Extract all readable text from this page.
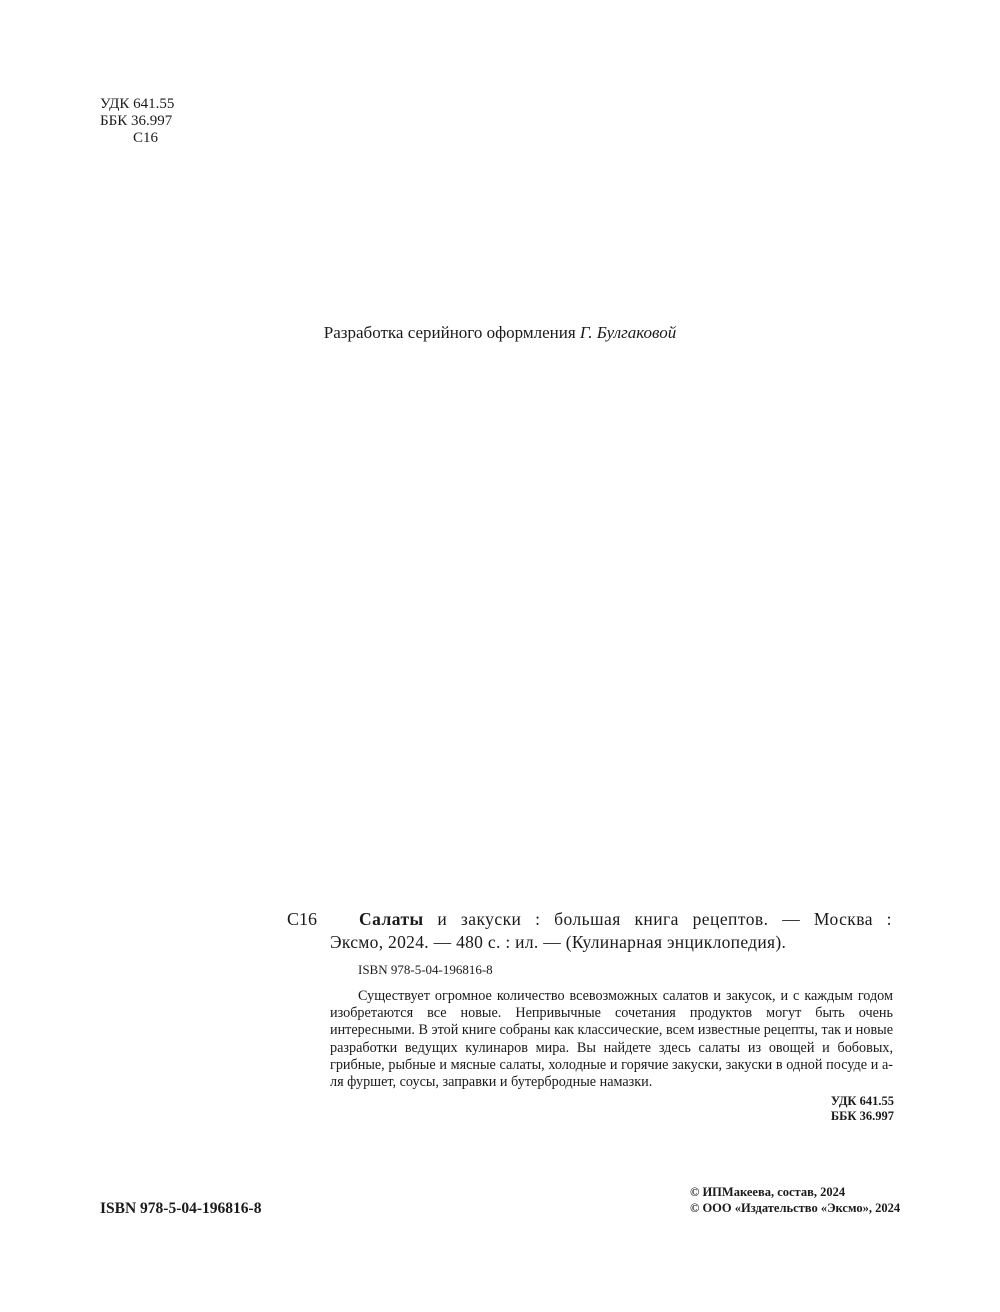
УДК 641.55
ББК 36.997
С16
Разработка серийного оформления Г. Булгаковой
С16 Салаты и закуски : большая книга рецептов. — Москва :
Эксмо, 2024. — 480 с. : ил. — (Кулинарная энциклопедия).
ISBN 978-5-04-196816-8
Существует огромное количество всевозможных салатов и закусок, и с каждым годом изобретаются все новые. Непривычные сочетания продуктов могут быть очень интересными. В этой книге собраны как классические, всем известные рецепты, так и новые разработки ведущих кулинаров мира. Вы найдете здесь салаты из овощей и бобовых, грибные, рыбные и мясные салаты, холодные и горячие закуски, закуски в одной посуде и а-ля фуршет, соусы, заправки и бутербродные намазки.
УДК 641.55
ББК 36.997
ISBN 978-5-04-196816-8
© ИПМакеева, состав, 2024
© ООО «Издательство «Эксмо», 2024
